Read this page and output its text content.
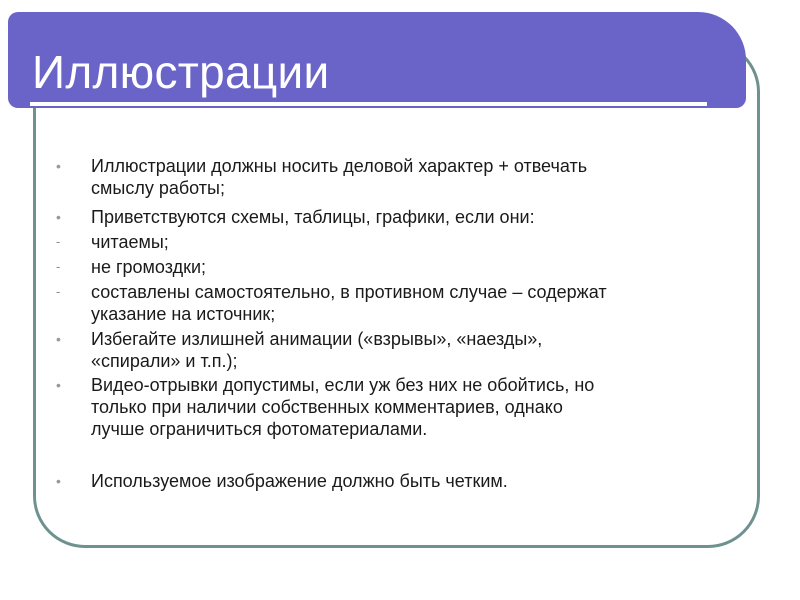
Иллюстрации
•	Иллюстрации должны носить деловой характер + отвечать
смыслу работы;
•	Приветствуются схемы, таблицы, графики, если они:
-	читаемы;
-	не громоздки;
-	составлены самостоятельно, в противном случае – содержат
указание на источник;
•	Избегайте излишней анимации («взрывы», «наезды»,
«спирали» и т.п.);
•	Видео-отрывки допустимы, если уж без них не обойтись, но
только при наличии собственных комментариев, однако
лучше ограничиться фотоматериалами.
•	Используемое изображение должно быть четким.
